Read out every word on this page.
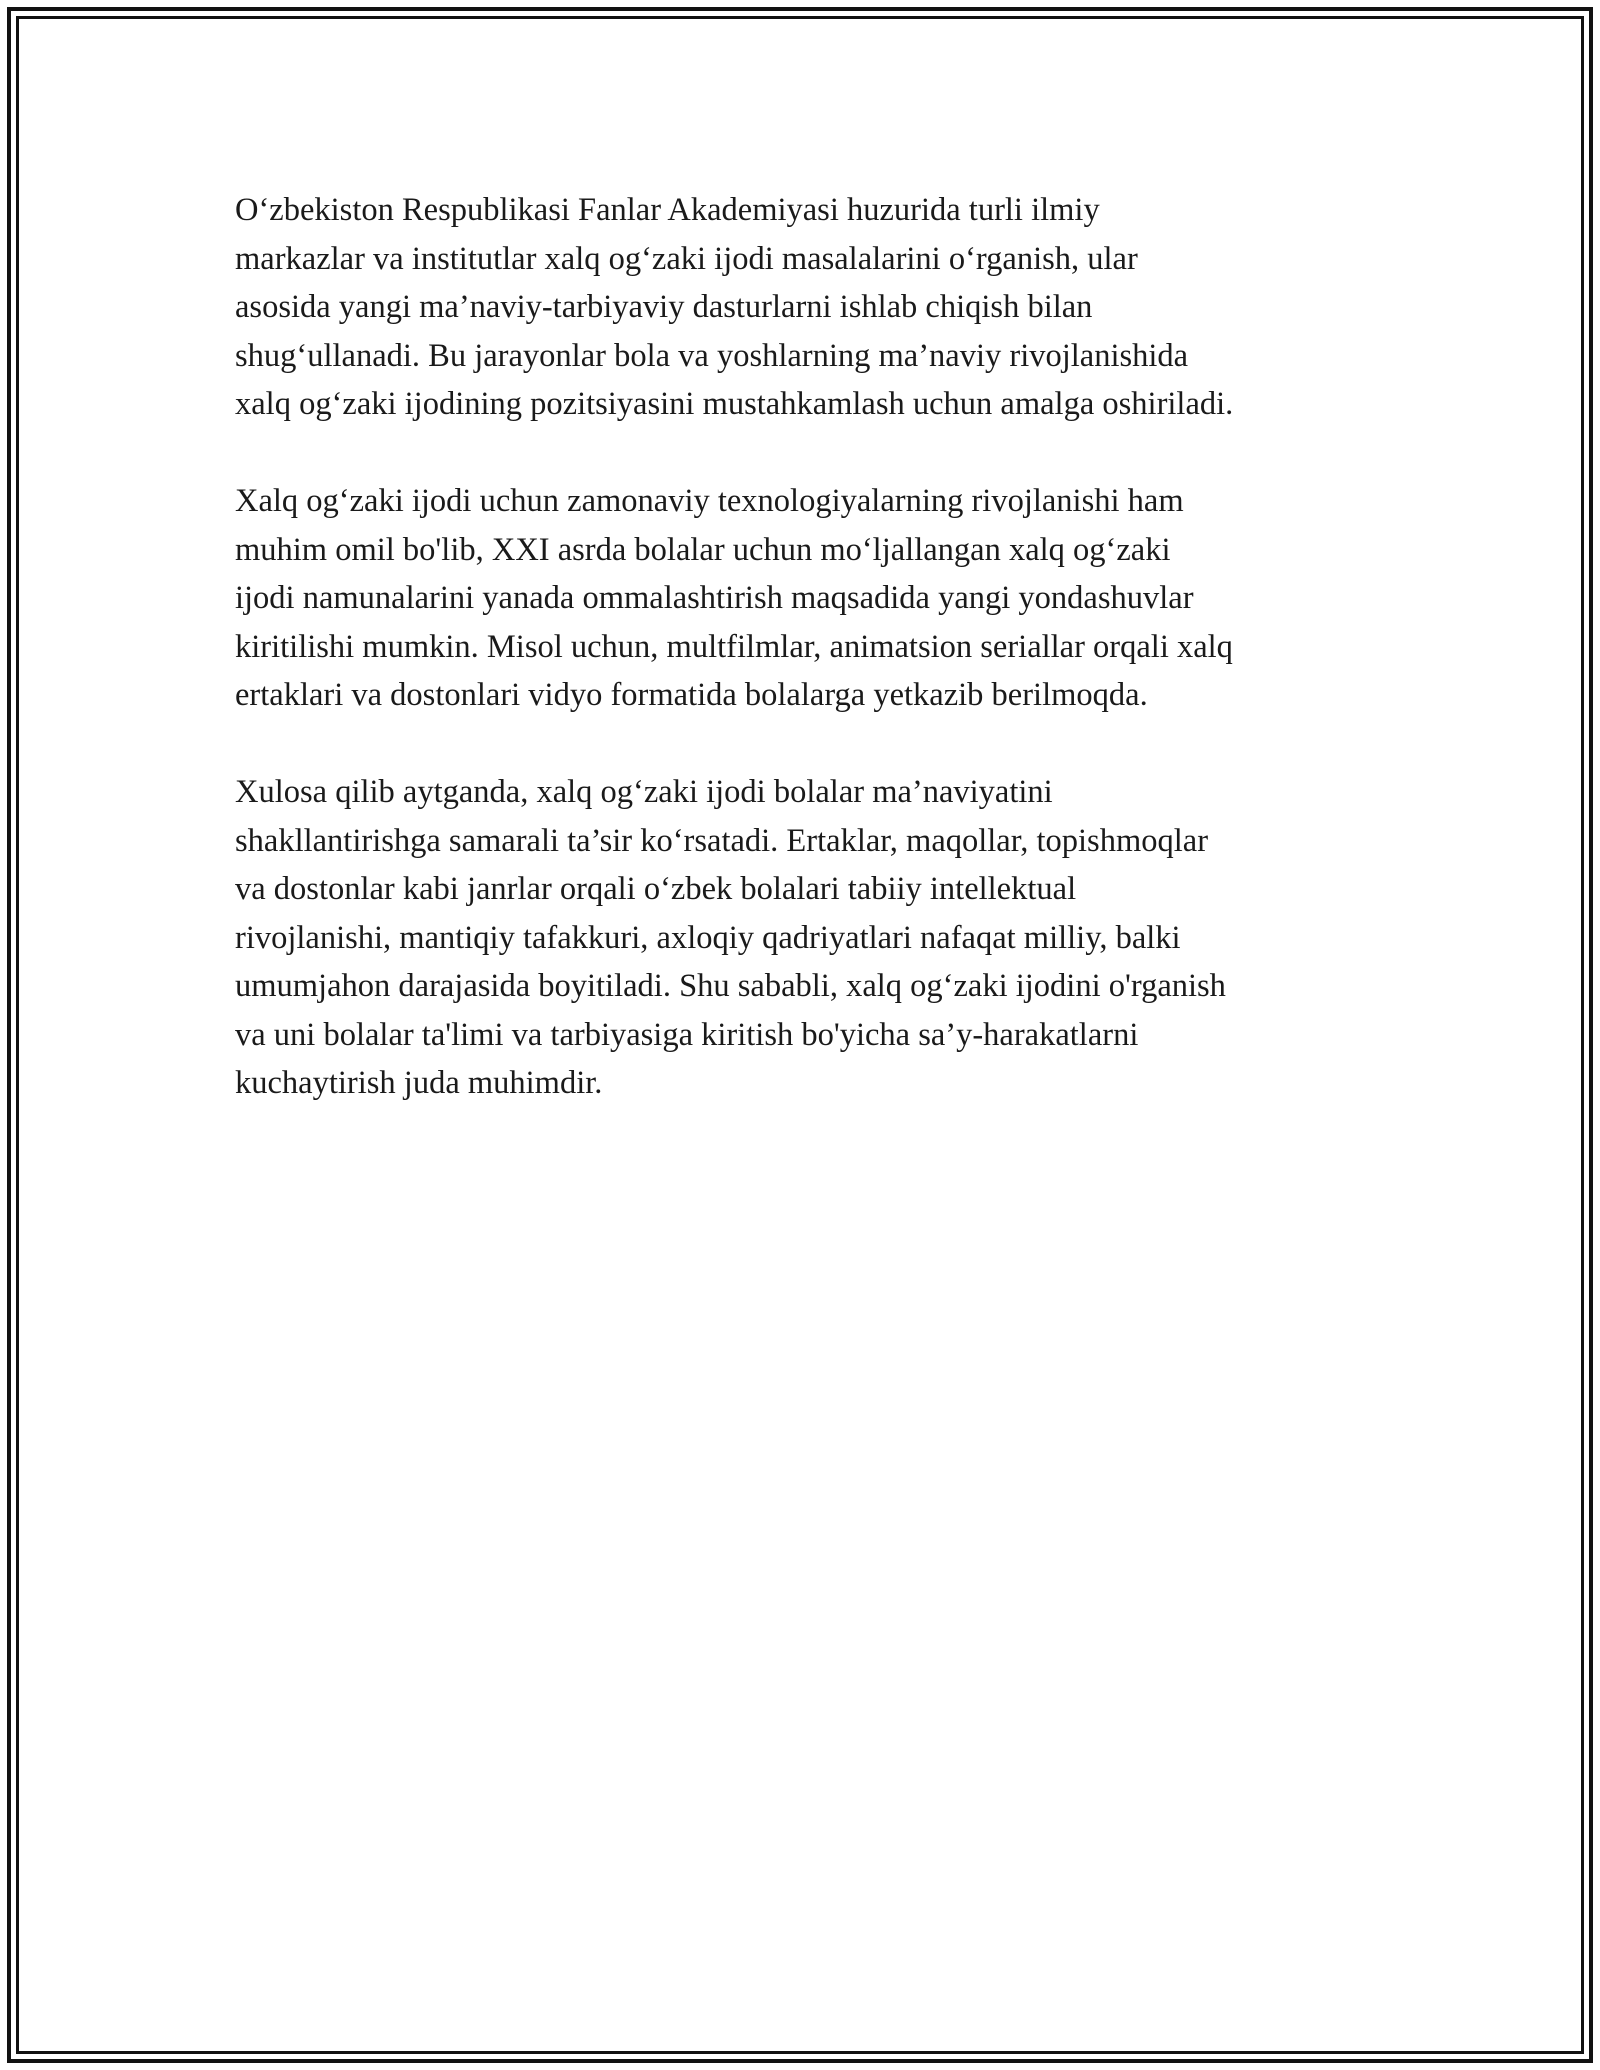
O‘zbekiston Respublikasi Fanlar Akademiyasi huzurida turli ilmiy
markazlar va institutlar xalq og‘zaki ijodi masalalarini o‘rganish, ular
asosida yangi ma’naviy-tarbiyaviy dasturlarni ishlab chiqish bilan
shug‘ullanadi. Bu jarayonlar bola va yoshlarning ma’naviy rivojlanishida
xalq og‘zaki ijodining pozitsiyasini mustahkamlash uchun amalga oshiriladi.

Xalq og‘zaki ijodi uchun zamonaviy texnologiyalarning rivojlanishi ham
muhim omil bo'lib, XXI asrda bolalar uchun mo‘ljallangan xalq og‘zaki
ijodi namunalarini yanada ommalashtirish maqsadida yangi yondashuvlar
kiritilishi mumkin. Misol uchun, multfilmlar, animatsion seriallar orqali xalq
ertaklari va dostonlari vidyo formatida bolalarga yetkazib berilmoqda.

Xulosa qilib aytganda, xalq og‘zaki ijodi bolalar ma’naviyatini
shakllantirishga samarali ta’sir ko‘rsatadi. Ertaklar, maqollar, topishmoqlar
va dostonlar kabi janrlar orqali o‘zbek bolalari tabiiy intellektual
rivojlanishi, mantiqiy tafakkuri, axloqiy qadriyatlari nafaqat milliy, balki
umumjahon darajasida boyitiladi. Shu sababli, xalq og‘zaki ijodini o'rganish
va uni bolalar ta'limi va tarbiyasiga kiritish bo'yicha sa’y-harakatlarni
kuchaytirish juda muhimdir.
